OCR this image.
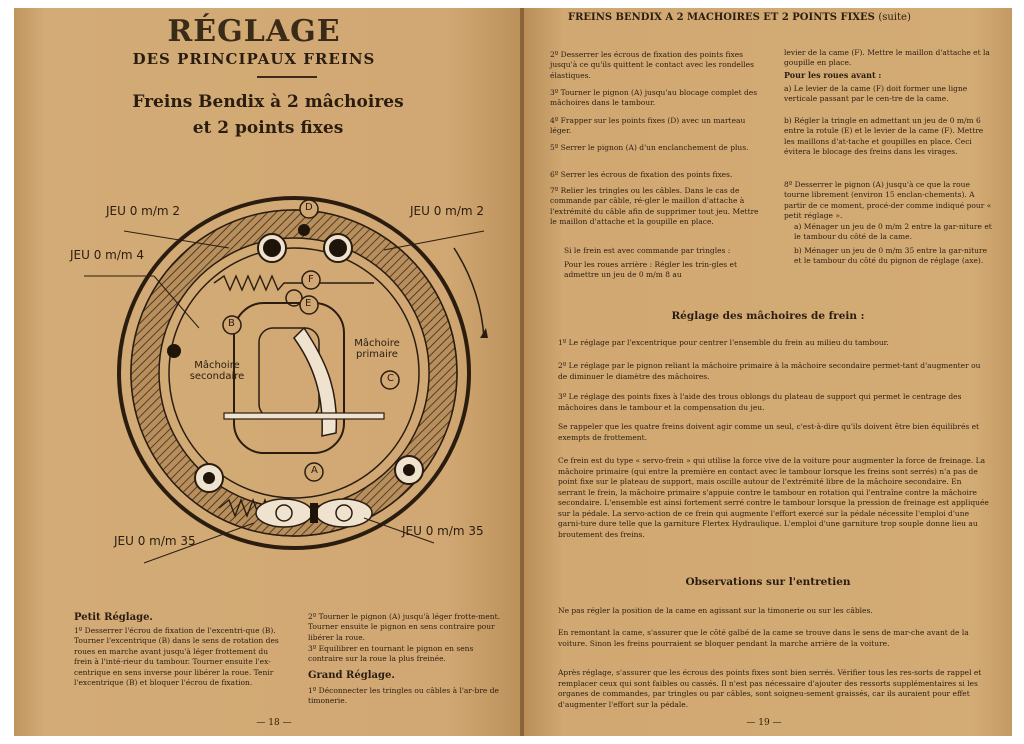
RÉGLAGE
DES PRINCIPAUX FREINS
Freins Bendix à 2 mâchoires
et 2 points fixes
JEU 0 m/m 2	JEU 0 m/m 2
JEU 0 m/m 4
JEU 0 m/m 35
JEU 0 m/m 35
D
F
E
B
C
A
Mâchoire secondaire
Mâchoire primaire
Petit Réglage.
1º Desserrer l'écrou de fixation de l'excentri-que (B). Tourner l'excentrique (B) dans le sens de rotation des roues en marche avant jusqu'à léger frottement du frein à l'inté-rieur du tambour. Tourner ensuite l'ex-centrique en sens inverse pour libérer la roue. Tenir l'excentrique (B) et bloquer l'écrou de fixation.
2º Tourner le pignon (A) jusqu'à léger frotte-ment. Tourner ensuite le pignon en sens contraire pour libérer la roue.
3º Equilibrer en tournant le pignon en sens contraire sur la roue la plus freinée.
Grand Réglage.
1º Déconnecter les tringles ou câbles à l'ar-bre de timonerie.
— 18 —
FREINS BENDIX A 2 MACHOIRES ET 2 POINTS FIXES (suite)
2º Desserrer les écrous de fixation des points fixes jusqu'à ce qu'ils quittent le contact avec les rondelles élastiques.
3º Tourner le pignon (A) jusqu'au blocage complet des mâchoires dans le tambour.
4º Frapper sur les points fixes (D) avec un marteau léger.
5º Serrer le pignon (A) d'un enclanchement de plus.
6º Serrer les écrous de fixation des points fixes.
7º Relier les tringles ou les câbles. Dans le cas de commande par câble, ré-gler le maillon d'attache à l'extrémité du câble afin de supprimer tout jeu. Mettre le maillon d'attache et la goupille en place.
Si le frein est avec commande par tringles :
Pour les roues arrière : Régler les trin-gles et admettre un jeu de 0 m/m 8 au
levier de la came (F). Mettre le maillon d'attache et la goupille en place.
Pour les roues avant :
a) Le levier de la came (F) doit former une ligne verticale passant par le cen-tre de la came.
b) Régler la tringle en admettant un jeu de 0 m/m 6 entre la rotule (E) et le levier de la came (F). Mettre les maillons d'at-tache et goupilles en place. Ceci évitera le blocage des freins dans les virages.
8º Desserrer le pignon (A) jusqu'à ce que la roue tourne librement (environ 15 enclan-chements). A partir de ce moment, procé-der comme indiqué pour « petit réglage ».
a) Ménager un jeu de 0 m/m 2 entre la gar-niture et le tambour du côté de la came.
b) Ménager un jeu de 0 m/m 35 entre la gar-niture et le tambour du côté du pignon de réglage (axe).
Réglage des mâchoires de frein :
1º Le réglage par l'excentrique pour centrer l'ensemble du frein au milieu du tambour.
2º Le réglage par le pignon reliant la mâchoire primaire à la mâchoire secondaire permet-tant d'augmenter ou de diminuer le diamètre des mâchoires.
3º Le réglage des points fixes à l'aide des trous oblongs du plateau de support qui permet le centrage des mâchoires dans le tambour et la compensation du jeu.
Se rappeler que les quatre freins doivent agir comme un seul, c'est-à-dire qu'ils doivent être bien équilibrés et exempts de frottement.
Ce frein est du type « servo-frein » qui utilise la force vive de la voiture pour augmenter la force de freinage. La mâchoire primaire (qui entre la première en contact avec le tambour lorsque les freins sont serrés) n'a pas de point fixe sur le plateau de support, mais oscille autour de l'extrémité libre de la mâchoire secondaire. En serrant le frein, la mâchoire primaire s'appuie contre le tambour en rotation qui l'entraîne contre la mâchoire secondaire. L'ensemble est ainsi fortement serré contre le tambour lorsque la pression de freinage est appliquée sur la pédale. La servo-action de ce frein qui augmente l'effort exercé sur la pédale nécessite l'emploi d'une garni-ture dure telle que la garniture Flertex Hydraulique. L'emploi d'une garniture trop souple donne lieu au broutement des freins.
Observations sur l'entretien
Ne pas régler la position de la came en agissant sur la timonerie ou sur les câbles.
En remontant la came, s'assurer que le côté galbé de la came se trouve dans le sens de mar-che avant de la voiture. Sinon les freins pourraient se bloquer pendant la marche arrière de la voiture.
Après réglage, s'assurer que les écrous des points fixes sont bien serrés. Vérifier tous les res-sorts de rappel et remplacer ceux qui sont faibles ou cassés. Il n'est pas nécessaire d'ajouter des ressorts supplémentaires si les organes de commandes, par tringles ou par câbles, sont soigneu-sement graissés, car ils auraient pour effet d'augmenter l'effort sur la pédale.
— 19 —
